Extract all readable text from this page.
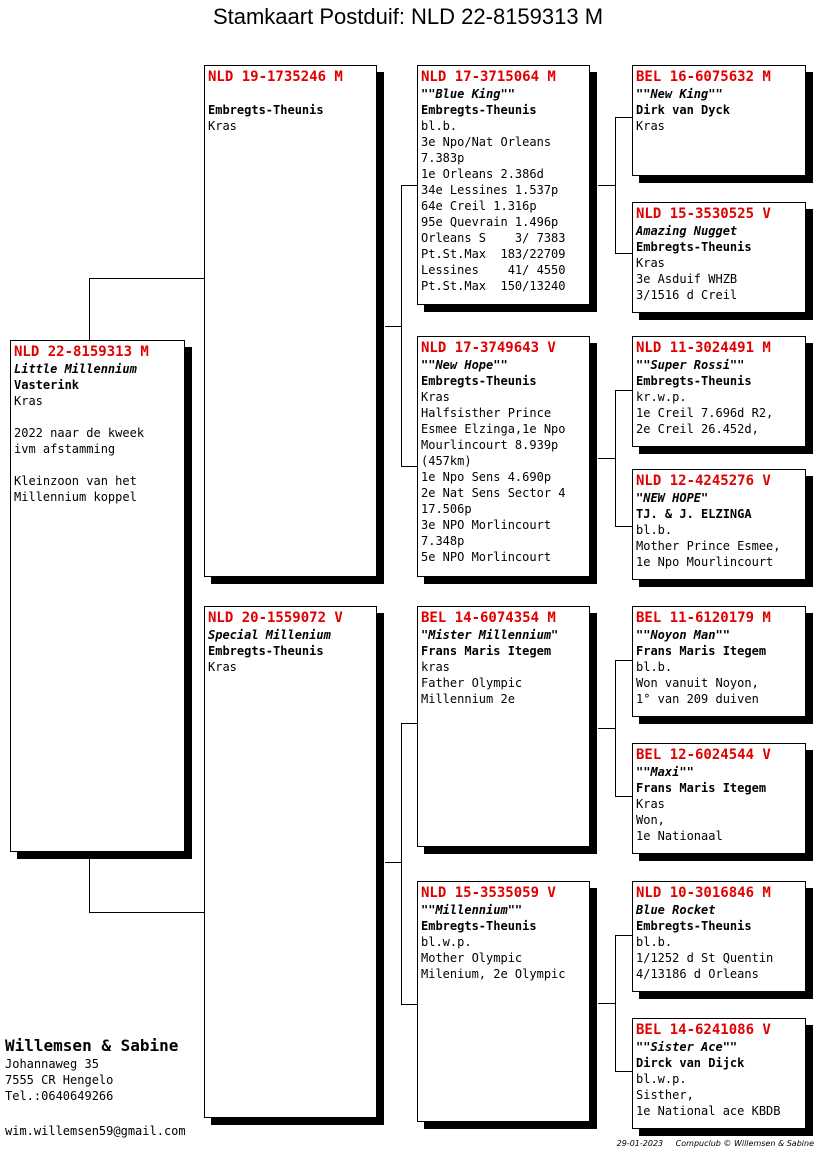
Stamkaart Postduif: NLD 22-8159313 M
NLD 22-8159313 M
Little Millennium
Vasterink
Kras

2022 naar de kweek
ivm afstamming

Kleinzoon van het
Millennium koppel
NLD 19-1735246 M

Embregts-Theunis
Kras
NLD 20-1559072 V
Special Millenium
Embregts-Theunis
Kras
NLD 17-3715064 M
""Blue King""
Embregts-Theunis
bl.b.
3e Npo/Nat Orleans
7.383p
1e Orleans 2.386d
34e Lessines 1.537p
64e Creil 1.316p
95e Quevrain 1.496p
Orleans S    3/ 7383
Pt.St.Max  183/22709
Lessines    41/ 4550
Pt.St.Max  150/13240
NLD 17-3749643 V
""New Hope""
Embregts-Theunis
Kras
Halfsisther Prince
Esmee Elzinga,1e Npo
Mourlincourt 8.939p
(457km)
1e Npo Sens 4.690p
2e Nat Sens Sector 4
17.506p
3e NPO Morlincourt
7.348p
5e NPO Morlincourt
BEL 14-6074354 M
"Mister Millennium"
Frans Maris Itegem
kras
Father Olympic
Millennium 2e
NLD 15-3535059 V
""Millennium""
Embregts-Theunis
bl.w.p.
Mother Olympic
Milenium, 2e Olympic
BEL 16-6075632 M
""New King""
Dirk van Dyck
Kras
NLD 15-3530525 V
Amazing Nugget
Embregts-Theunis
Kras
3e Asduif WHZB
3/1516 d Creil
NLD 11-3024491 M
""Super Rossi""
Embregts-Theunis
kr.w.p.
1e Creil 7.696d R2,
2e Creil 26.452d,
NLD 12-4245276 V
"NEW HOPE"
TJ. & J. ELZINGA
bl.b.
Mother Prince Esmee,
1e Npo Mourlincourt
BEL 11-6120179 M
""Noyon Man""
Frans Maris Itegem
bl.b.
Won vanuit Noyon,
1° van 209 duiven
BEL 12-6024544 V
""Maxi""
Frans Maris Itegem
Kras
Won,
1e Nationaal
NLD 10-3016846 M
Blue Rocket
Embregts-Theunis
bl.b.
1/1252 d St Quentin
4/13186 d Orleans
BEL 14-6241086 V
""Sister Ace""
Dirck van Dijck
bl.w.p.
Sisther,
1e National ace KBDB
Willemsen & Sabine
Johannaweg 35
7555 CR Hengelo
Tel.:0640649266
wim.willemsen59@gmail.com
29-01-2023 Compuclub © Willemsen & Sabine
